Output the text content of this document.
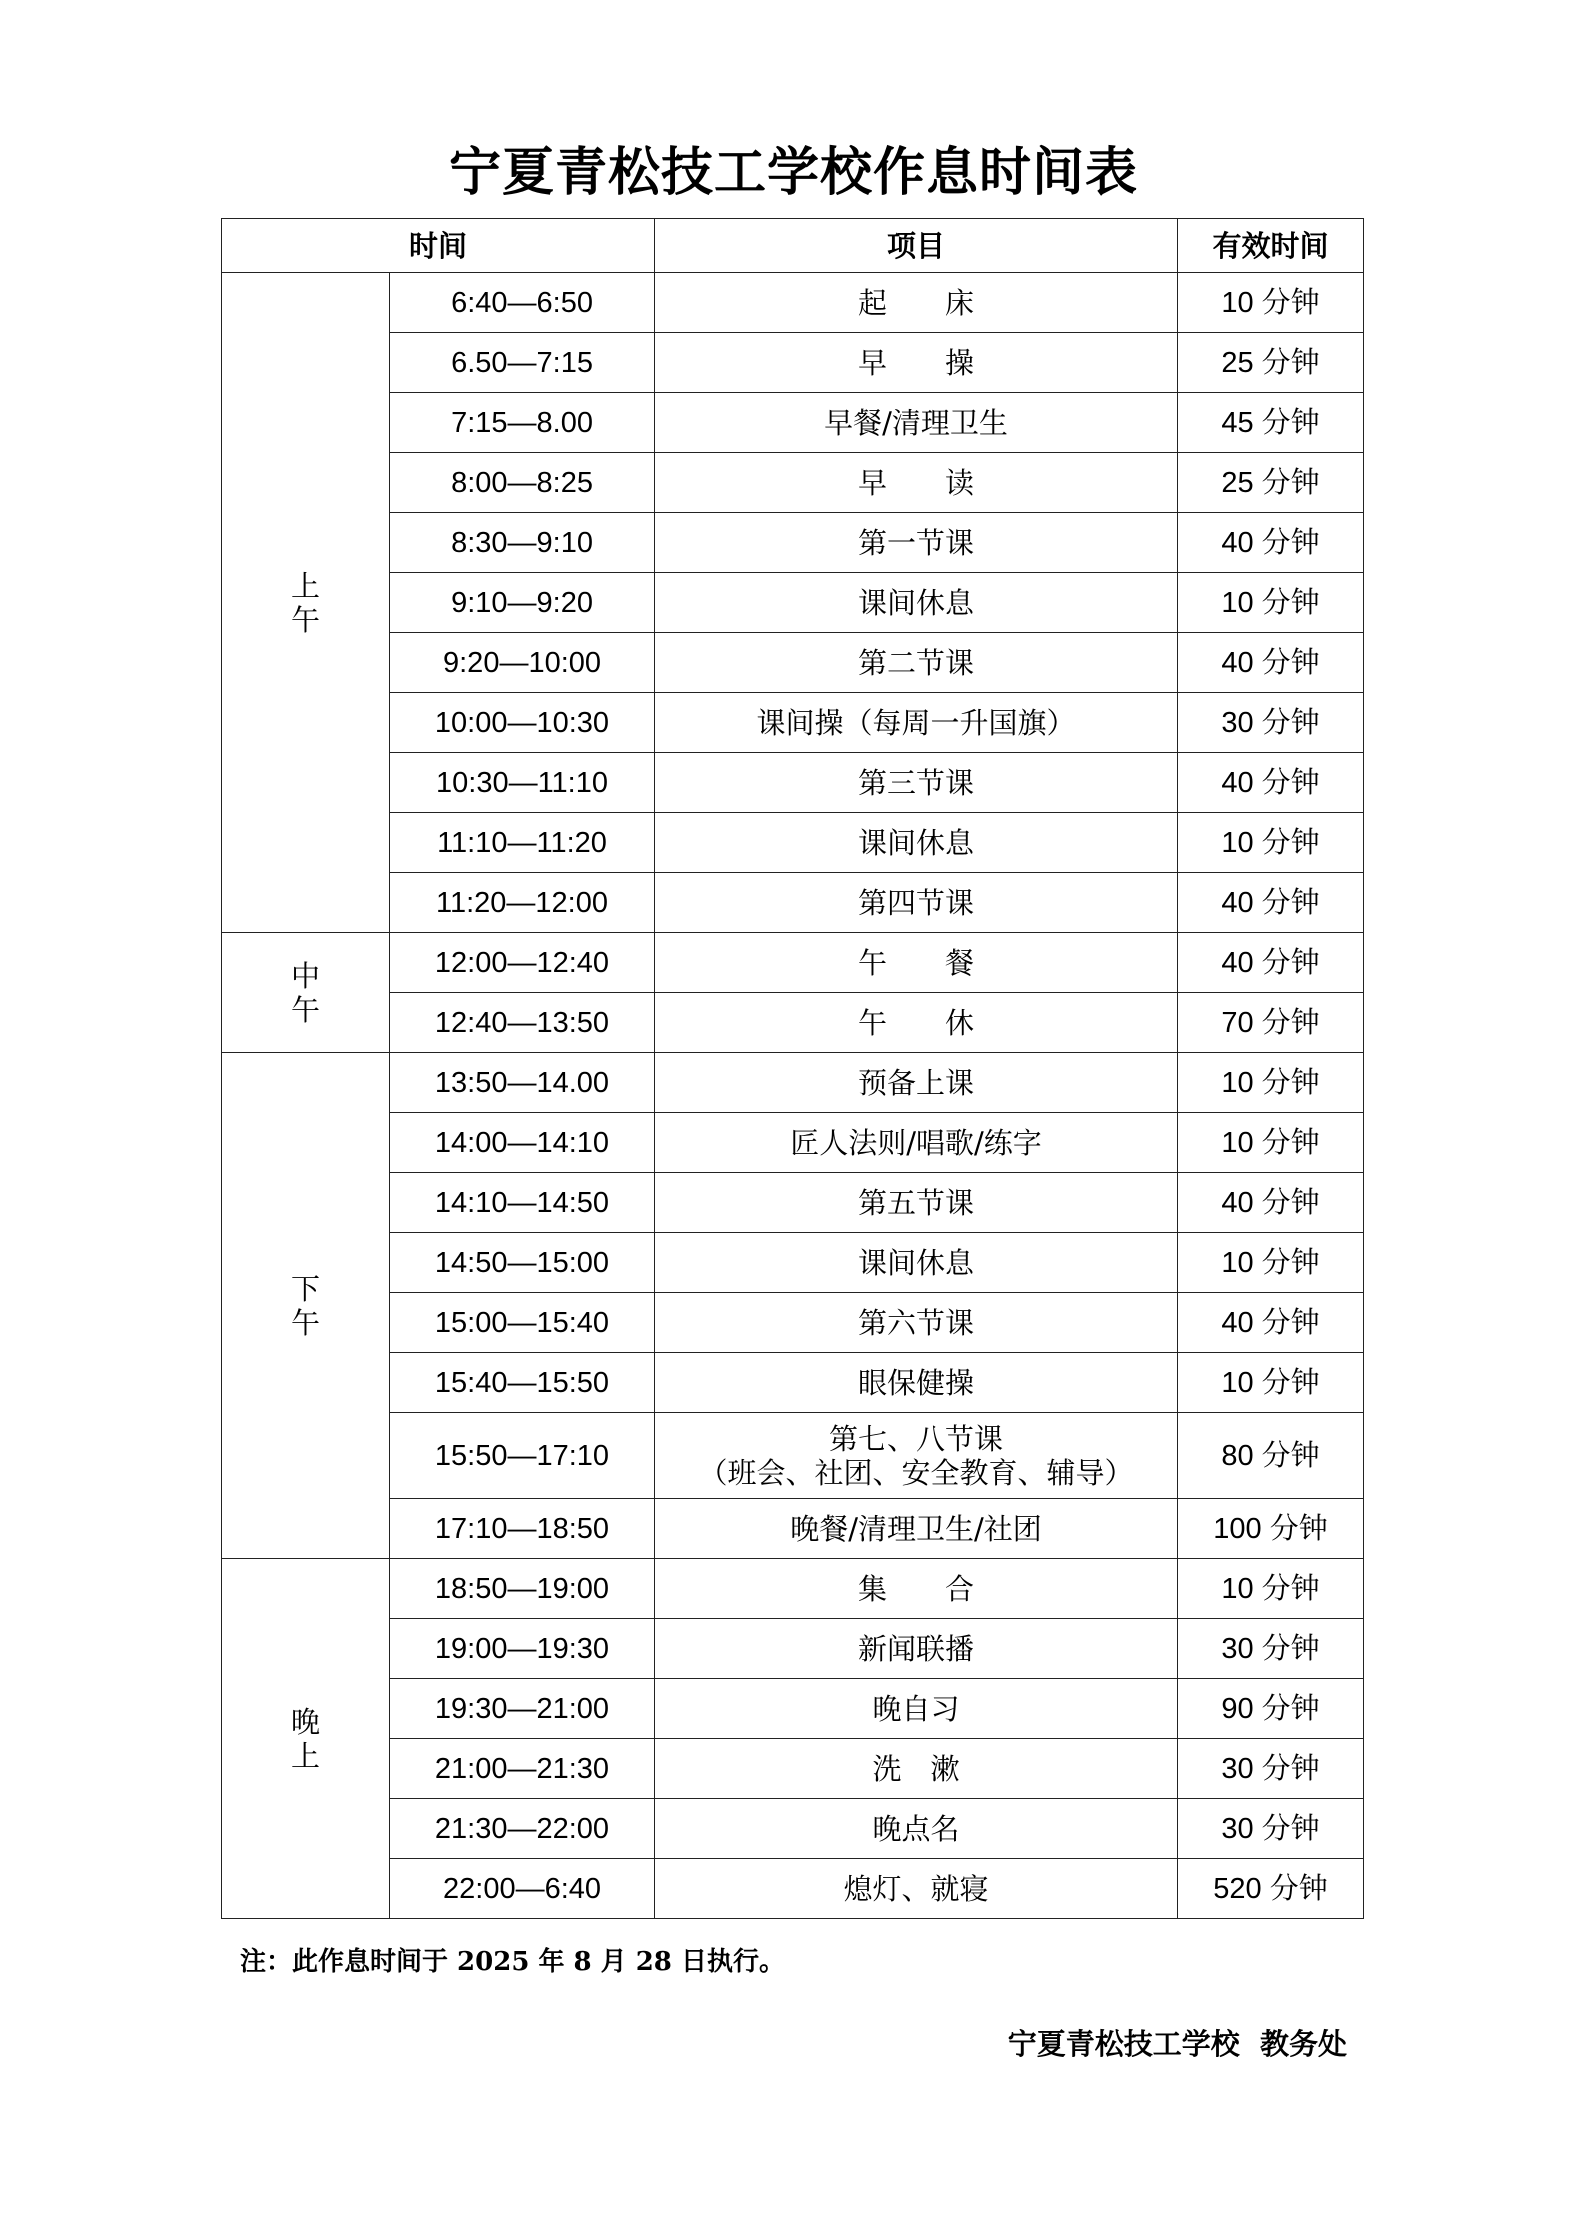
宁夏青松技工学校作息时间表
时间		项目	有效时间

上
午	6:40—6:50	起　　床	10 分钟
	6.50—7:15	早　　操	25 分钟
	7:15—8.00	早餐/清理卫生	45 分钟
	8:00—8:25	早　　读	25 分钟
	8:30—9:10	第一节课	40 分钟
	9:10—9:20	课间休息	10 分钟
	9:20—10:00	第二节课	40 分钟
	10:00—10:30	课间操（每周一升国旗）	30 分钟
	10:30—11:10	第三节课	40 分钟
	11:10—11:20	课间休息	10 分钟
	11:20—12:00	第四节课	40 分钟

中
午	12:00—12:40	午　　餐	40 分钟
	12:40—13:50	午　　休	70 分钟

下
午	13:50—14.00	预备上课	10 分钟
	14:00—14:10	匠人法则/唱歌/练字	10 分钟
	14:10—14:50	第五节课	40 分钟
	14:50—15:00	课间休息	10 分钟
	15:00—15:40	第六节课	40 分钟
	15:40—15:50	眼保健操	10 分钟
	15:50—17:10	第七、八节课
（班会、社团、安全教育、辅导）	80 分钟
	17:10—18:50	晚餐/清理卫生/社团	100 分钟

晚
上	18:50—19:00	集　　合	10 分钟
	19:00—19:30	新闻联播	30 分钟
	19:30—21:00	晚自习	90 分钟
	21:00—21:30	洗　漱	30 分钟
	21:30—22:00	晚点名	30 分钟
	22:00—6:40	熄灯、就寝	520 分钟
注：此作息时间于 2025 年 8 月 28 日执行。
宁夏青松技工学校  教务处
